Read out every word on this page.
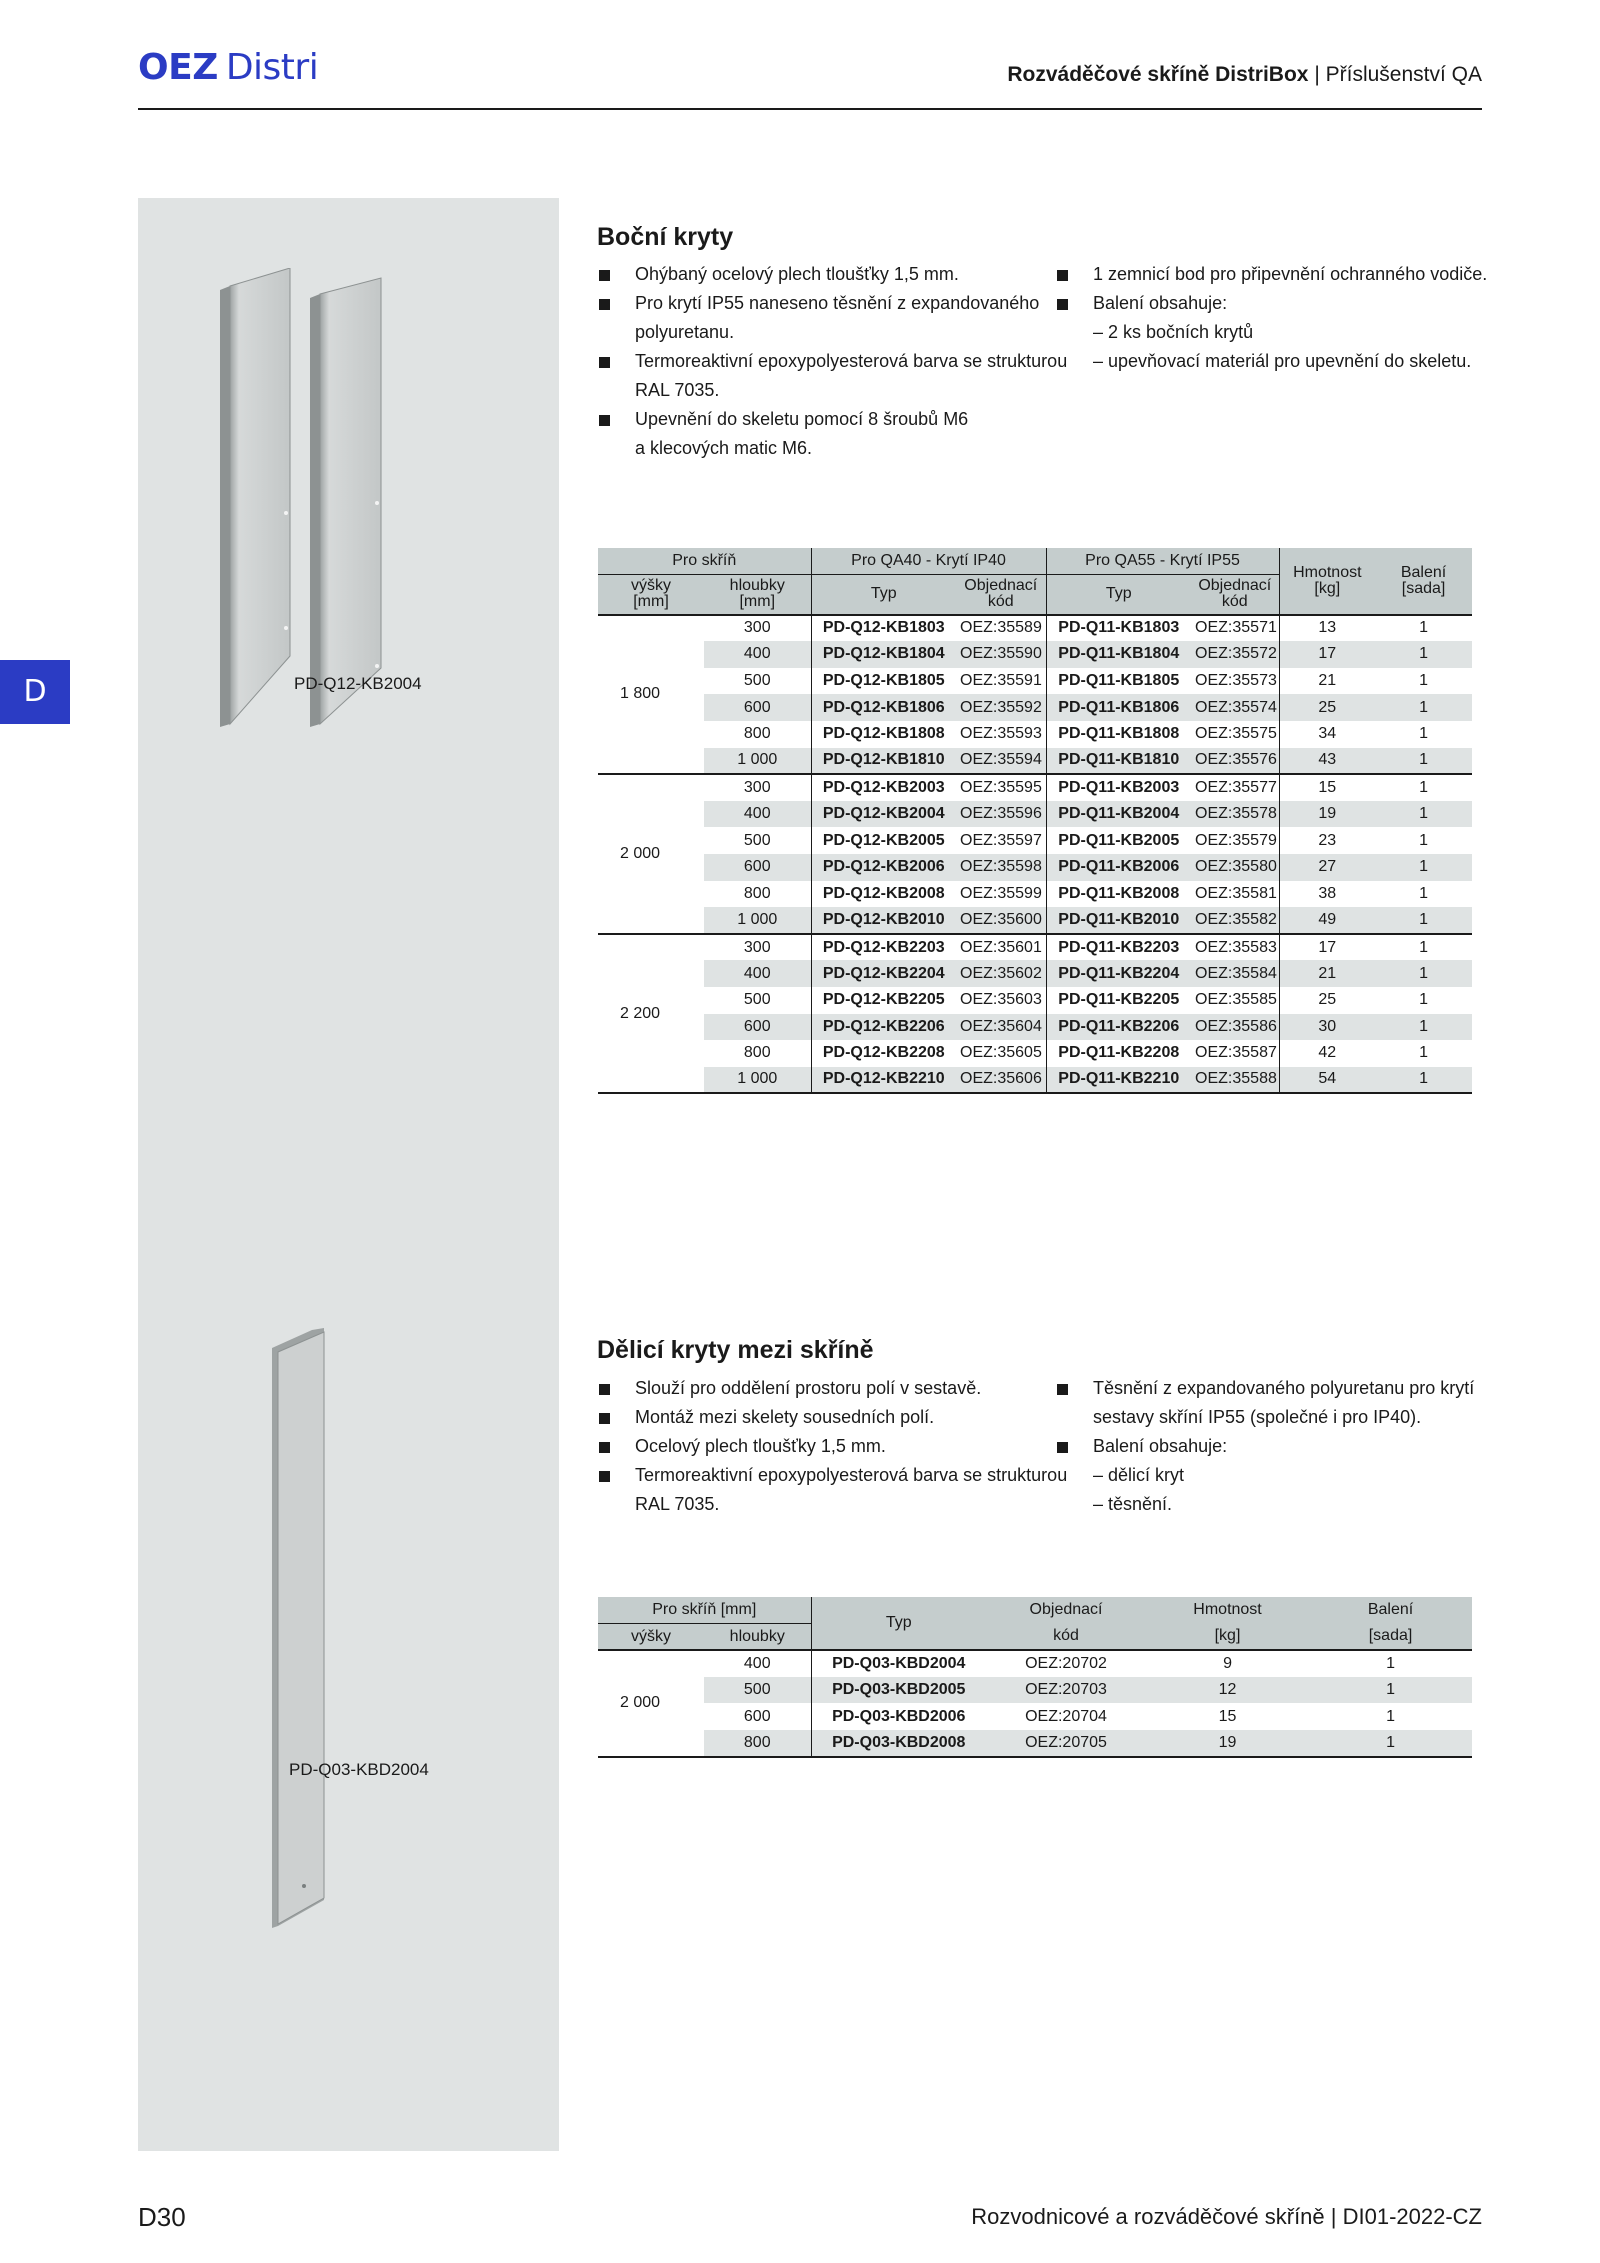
OEZ Distri	Rozváděčové skříně DistriBox | Příslušenství QA
PD-Q12-KB2004
PD-Q03-KBD2004
D
Boční kryty
Ohýbaný ocelový plech tloušťky 1,5 mm.
Pro krytí IP55 naneseno těsnění z expandovaného
polyuretanu.
Termoreaktivní epoxypolyesterová barva se strukturou
RAL 7035.
Upevnění do skeletu pomocí 8 šroubů M6
a klecových matic M6.
1 zemnicí bod pro připevnění ochranného vodiče.
Balení obsahuje:
– 2 ks bočních krytů
– upevňovací materiál pro upevnění do skeletu.
Pro skříň		Pro QA40 - Krytí IP40		Pro QA55 - Krytí IP55		Hmotnost
[kg]	Balení
[sada]
výšky
[mm]	hloubky
[mm]	Typ	Objednací
kód	Typ	Objednací
kód		
1 800	300	PD-Q12-KB1803	OEZ:35589	PD-Q11-KB1803	OEZ:35571	13	1
	400	PD-Q12-KB1804	OEZ:35590	PD-Q11-KB1804	OEZ:35572	17	1
	500	PD-Q12-KB1805	OEZ:35591	PD-Q11-KB1805	OEZ:35573	21	1
	600	PD-Q12-KB1806	OEZ:35592	PD-Q11-KB1806	OEZ:35574	25	1
	800	PD-Q12-KB1808	OEZ:35593	PD-Q11-KB1808	OEZ:35575	34	1
	1 000	PD-Q12-KB1810	OEZ:35594	PD-Q11-KB1810	OEZ:35576	43	1
2 000	300	PD-Q12-KB2003	OEZ:35595	PD-Q11-KB2003	OEZ:35577	15	1
	400	PD-Q12-KB2004	OEZ:35596	PD-Q11-KB2004	OEZ:35578	19	1
	500	PD-Q12-KB2005	OEZ:35597	PD-Q11-KB2005	OEZ:35579	23	1
	600	PD-Q12-KB2006	OEZ:35598	PD-Q11-KB2006	OEZ:35580	27	1
	800	PD-Q12-KB2008	OEZ:35599	PD-Q11-KB2008	OEZ:35581	38	1
	1 000	PD-Q12-KB2010	OEZ:35600	PD-Q11-KB2010	OEZ:35582	49	1
2 200	300	PD-Q12-KB2203	OEZ:35601	PD-Q11-KB2203	OEZ:35583	17	1
	400	PD-Q12-KB2204	OEZ:35602	PD-Q11-KB2204	OEZ:35584	21	1
	500	PD-Q12-KB2205	OEZ:35603	PD-Q11-KB2205	OEZ:35585	25	1
	600	PD-Q12-KB2206	OEZ:35604	PD-Q11-KB2206	OEZ:35586	30	1
	800	PD-Q12-KB2208	OEZ:35605	PD-Q11-KB2208	OEZ:35587	42	1
	1 000	PD-Q12-KB2210	OEZ:35606	PD-Q11-KB2210	OEZ:35588	54	1
Dělicí kryty mezi skříně
Slouží pro oddělení prostoru polí v sestavě.
Montáž mezi skelety sousedních polí.
Ocelový plech tloušťky 1,5 mm.
Termoreaktivní epoxypolyesterová barva se strukturou
RAL 7035.
Těsnění z expandovaného polyuretanu pro krytí
sestavy skříní IP55 (společné i pro IP40).
Balení obsahuje:
– dělicí kryt
– těsnění.
Pro skříň [mm]		Typ	Objednací	Hmotnost	Balení
výšky	hloubky		kód	[kg]	[sada]
2 000	400	PD-Q03-KBD2004	OEZ:20702	9	1
	500	PD-Q03-KBD2005	OEZ:20703	12	1
	600	PD-Q03-KBD2006	OEZ:20704	15	1
	800	PD-Q03-KBD2008	OEZ:20705	19	1
D30	Rozvodnicové a rozváděčové skříně | DI01-2022-CZ
